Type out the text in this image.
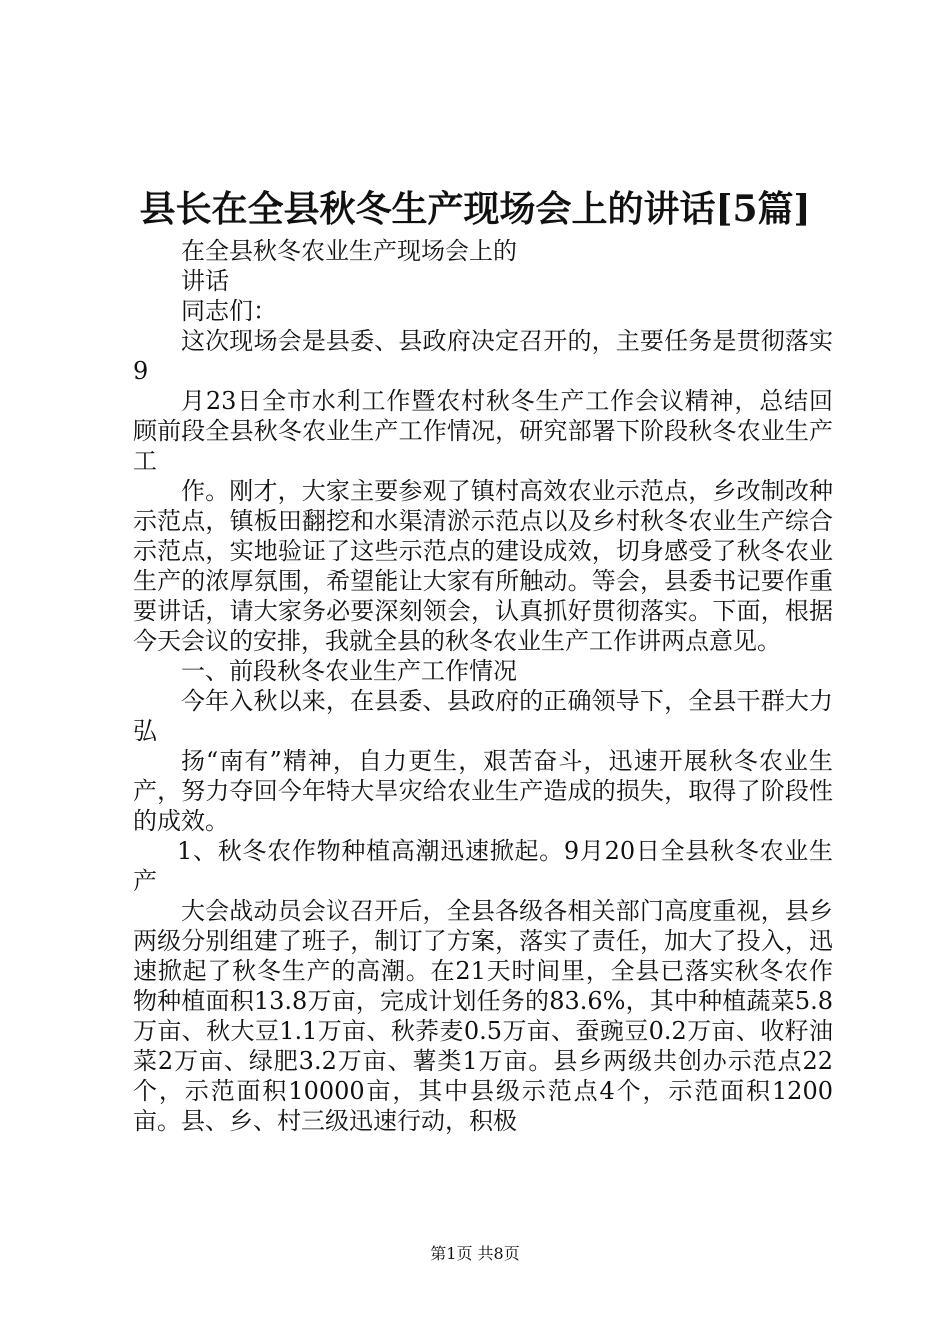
县长在全县秋冬生产现场会上的讲话[5篇]

在全县秋冬农业生产现场会上的

讲话

同志们：

这次现场会是县委、县政府决定召开的，主要任务是贯彻落实9

月23日全市水利工作暨农村秋冬生产工作会议精神，总结回顾前段全县秋冬农业生产工作情况，研究部署下阶段秋冬农业生产工

作。刚才，大家主要参观了镇村高效农业示范点，乡改制改种示范点，镇板田翻挖和水渠清淤示范点以及乡村秋冬农业生产综合示范点，实地验证了这些示范点的建设成效，切身感受了秋冬农业生产的浓厚氛围，希望能让大家有所触动。等会，县委书记要作重要讲话，请大家务必要深刻领会，认真抓好贯彻落实。下面，根据今天会议的安排，我就全县的秋冬农业生产工作讲两点意见。

一、前段秋冬农业生产工作情况

今年入秋以来，在县委、县政府的正确领导下，全县干群大力弘

扬“南有”精神，自力更生，艰苦奋斗，迅速开展秋冬农业生产，努力夺回今年特大旱灾给农业生产造成的损失，取得了阶段性的成效。

1、秋冬农作物种植高潮迅速掀起。9月20日全县秋冬农业生产

大会战动员会议召开后，全县各级各相关部门高度重视，县乡两级分别组建了班子，制订了方案，落实了责任，加大了投入，迅速掀起了秋冬生产的高潮。在21天时间里，全县已落实秋冬农作物种植面积13.8万亩，完成计划任务的83.6%，其中种植蔬菜5.8万亩、秋大豆1.1万亩、秋荞麦0.5万亩、蚕豌豆0.2万亩、收籽油菜2万亩、绿肥3.2万亩、薯类1万亩。县乡两级共创办示范点22个，示范面积10000亩，其中县级示范点4个，示范面积1200亩。县、乡、村三级迅速行动，积极

第1页 共8页
